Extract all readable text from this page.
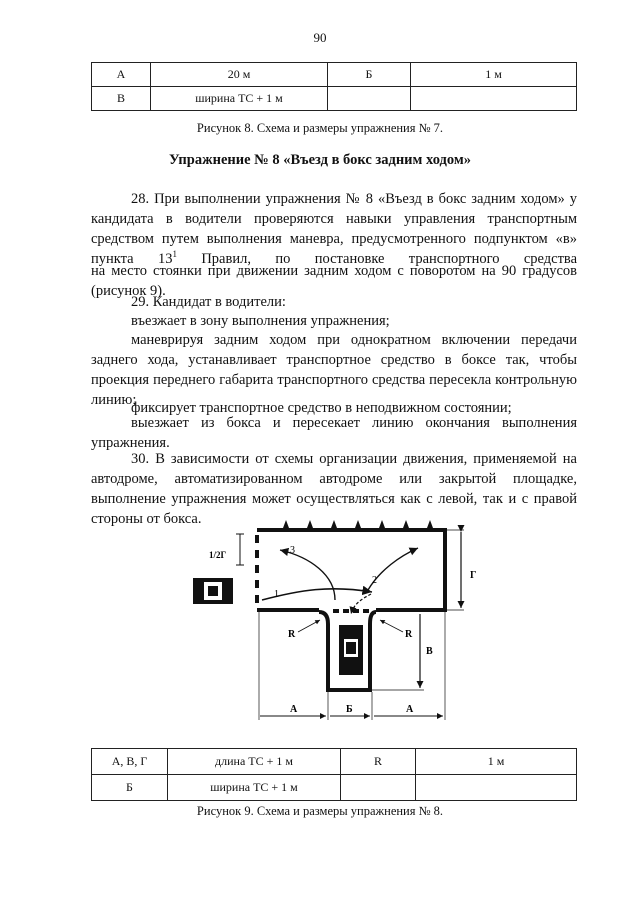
90
А	20 м	Б	1 м
В	ширина ТС + 1 м		
Рисунок 8. Схема и размеры упражнения № 7.
Упражнение № 8 «Въезд в бокс задним ходом»
28. При выполнении упражнения № 8 «Въезд в бокс задним ходом» у кандидата в водители проверяются навыки управления транспортным средством путем выполнения маневра, предусмотренного подпунктом «в» пункта $13^1$ Правил, по постановке транспортного средства
на место стоянки при движении задним ходом с поворотом на 90 градусов (рисунок 9).
29. Кандидат в водители:
въезжает в зону выполнения упражнения;
маневрируя задним ходом при однократном включении передачи заднего хода, устанавливает транспортное средство в боксе так, чтобы проекция переднего габарита транспортного средства пересекла контрольную линию;
фиксирует транспортное средство в неподвижном состоянии;
выезжает из бокса и пересекает линию окончания выполнения упражнения.
30. В зависимости от схемы организации движения, применяемой на автодроме, автоматизированном автодроме или закрытой площадке, выполнение упражнения может осуществляться как с левой, так и с правой стороны от бокса.
1
2
3
1/2Г
Г
В
R	R
А	Б	А
А, В, Г	длина ТС + 1 м	R	1 м
Б	ширина ТС + 1 м		
Рисунок 9. Схема и размеры упражнения № 8.
